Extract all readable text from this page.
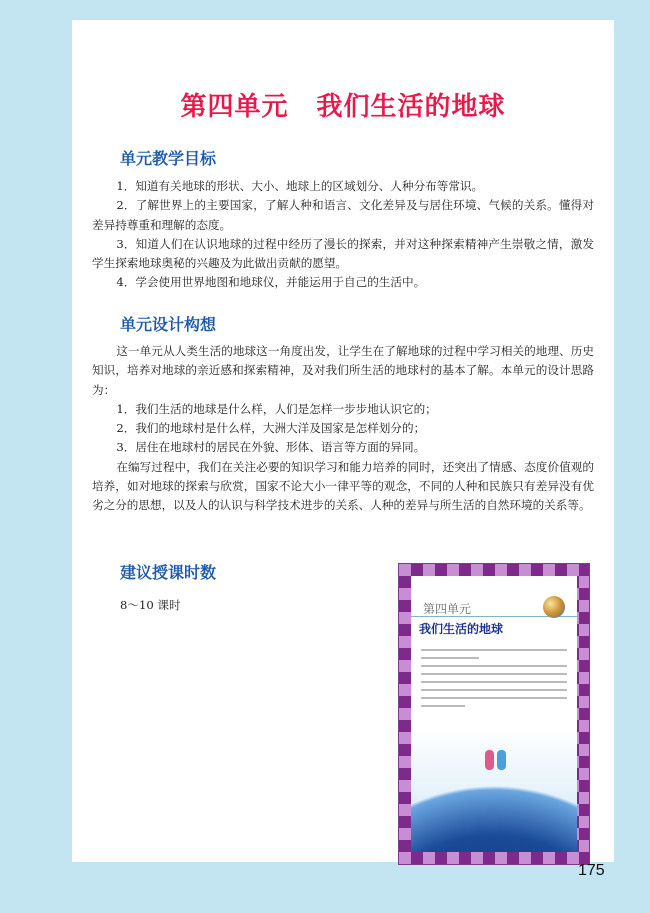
第四单元 我们生活的地球
单元教学目标

1．知道有关地球的形状、大小、地球上的区域划分、人种分布等常识。

2．了解世界上的主要国家，了解人种和语言、文化差异及与居住环境、气候的关系。懂得对差异持尊重和理解的态度。

3．知道人们在认识地球的过程中经历了漫长的探索，并对这种探索精神产生崇敬之情，激发学生探索地球奥秘的兴趣及为此做出贡献的愿望。

4．学会使用世界地图和地球仪，并能运用于自己的生活中。

单元设计构想

这一单元从人类生活的地球这一角度出发，让学生在了解地球的过程中学习相关的地理、历史知识，培养对地球的亲近感和探索精神，及对我们所生活的地球村的基本了解。本单元的设计思路为：

1．我们生活的地球是什么样，人们是怎样一步步地认识它的；

2．我们的地球村是什么样，大洲大洋及国家是怎样划分的；

3．居住在地球村的居民在外貌、形体、语言等方面的异同。

在编写过程中，我们在关注必要的知识学习和能力培养的同时，还突出了情感、态度价值观的培养，如对地球的探索与欣赏，国家不论大小一律平等的观念，不同的人种和民族只有差异没有优劣之分的思想，以及人的认识与科学技术进步的关系、人种的差异与所生活的自然环境的关系等。

建议授课时数
8～10 课时	第四单元
我们生活的地球
175
